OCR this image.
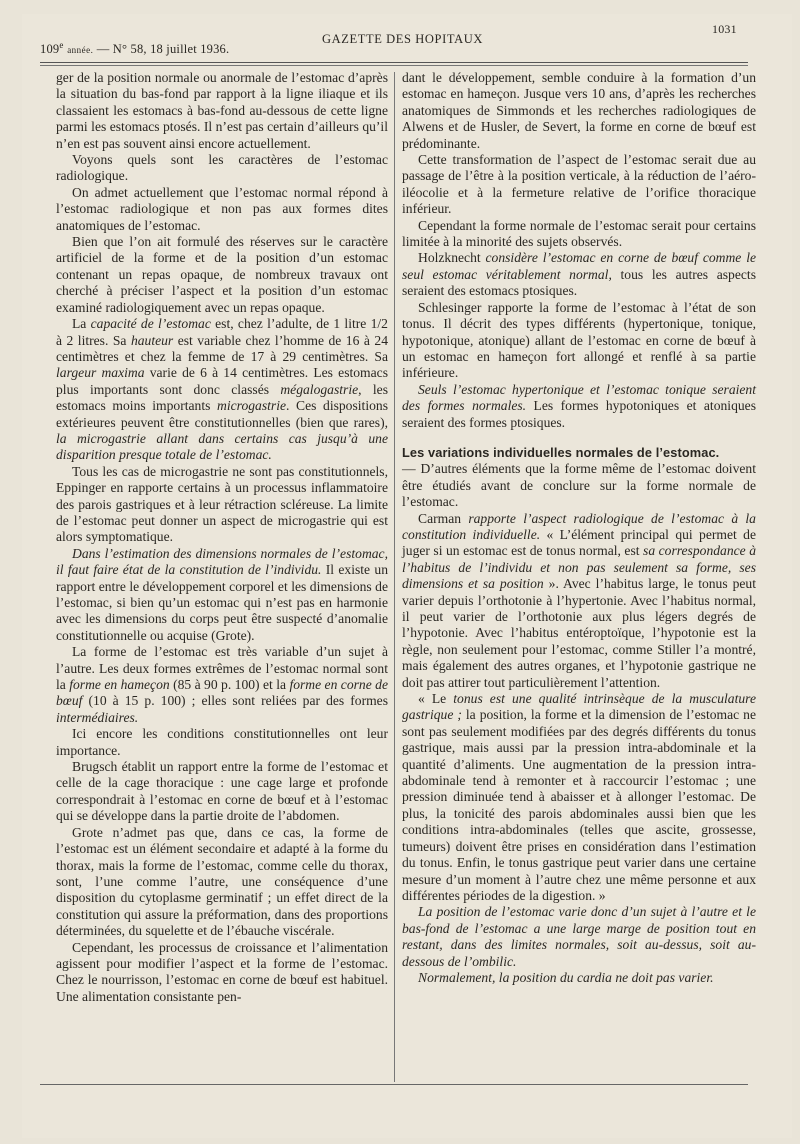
109e année. — N° 58, 18 juillet 1936.
GAZETTE DES HOPITAUX
1031

ger de la position normale ou anormale de l’estomac d’après la situation du bas-fond par rapport à la ligne iliaque et ils classaient les estomacs à bas-fond au-dessous de cette ligne parmi les estomacs ptosés. Il n’est pas certain d’ailleurs qu’il n’en est pas souvent ainsi encore actuellement.

Voyons quels sont les caractères de l’estomac radiologique.

On admet actuellement que l’estomac normal répond à l’estomac radiologique et non pas aux formes dites anatomiques de l’estomac.

Bien que l’on ait formulé des réserves sur le caractère artificiel de la forme et de la position d’un estomac contenant un repas opaque, de nombreux travaux ont cherché à préciser l’aspect et la position d’un estomac examiné radiologiquement avec un repas opaque.

La capacité de l’estomac est, chez l’adulte, de 1 litre 1/2 à 2 litres. Sa hauteur est variable chez l’homme de 16 à 24 centimètres et chez la femme de 17 à 29 centimètres. Sa largeur maxima varie de 6 à 14 centimètres. Les estomacs plus importants sont donc classés mégalogastrie, les estomacs moins importants microgastrie. Ces dispositions extérieures peuvent être constitutionnelles (bien que rares), la microgastrie allant dans certains cas jusqu’à une disparition presque totale de l’estomac.

Tous les cas de microgastrie ne sont pas constitutionnels, Eppinger en rapporte certains à un processus inflammatoire des parois gastriques et à leur rétraction scléreuse. La limite de l’estomac peut donner un aspect de microgastrie qui est alors symptomatique.

Dans l’estimation des dimensions normales de l’estomac, il faut faire état de la constitution de l’individu. Il existe un rapport entre le développement corporel et les dimensions de l’estomac, si bien qu’un estomac qui n’est pas en harmonie avec les dimensions du corps peut être suspecté d’anomalie constitutionnelle ou acquise (Grote).

La forme de l’estomac est très variable d’un sujet à l’autre. Les deux formes extrêmes de l’estomac normal sont la forme en hameçon (85 à 90 p. 100) et la forme en corne de bœuf (10 à 15 p. 100) ; elles sont reliées par des formes intermédiaires.

Ici encore les conditions constitutionnelles ont leur importance.

Brugsch établit un rapport entre la forme de l’estomac et celle de la cage thoracique : une cage large et profonde correspondrait à l’estomac en corne de bœuf et à l’estomac qui se développe dans la partie droite de l’abdomen.

Grote n’admet pas que, dans ce cas, la forme de l’estomac est un élément secondaire et adapté à la forme du thorax, mais la forme de l’estomac, comme celle du thorax, sont, l’une comme l’autre, une conséquence d’une disposition du cytoplasme germinatif ; un effet direct de la constitution qui assure la préformation, dans des proportions déterminées, du squelette et de l’ébauche viscérale.

Cependant, les processus de croissance et l’alimentation agissent pour modifier l’aspect et la forme de l’estomac. Chez le nourrisson, l’estomac en corne de bœuf est habituel. Une alimentation consistante pen-

dant le développement, semble conduire à la formation d’un estomac en hameçon. Jusque vers 10 ans, d’après les recherches anatomiques de Simmonds et les recherches radiologiques de Alwens et de Husler, de Severt, la forme en corne de bœuf est prédominante.

Cette transformation de l’aspect de l’estomac serait due au passage de l’être à la position verticale, à la réduction de l’aéro-iléocolie et à la fermeture relative de l’orifice thoracique inférieur.

Cependant la forme normale de l’estomac serait pour certains limitée à la minorité des sujets observés.

Holzknecht considère l’estomac en corne de bœuf comme le seul estomac véritablement normal, tous les autres aspects seraient des estomacs ptosiques.

Schlesinger rapporte la forme de l’estomac à l’état de son tonus. Il décrit des types différents (hypertonique, tonique, hypotonique, atonique) allant de l’estomac en corne de bœuf à un estomac en hameçon fort allongé et renflé à sa partie inférieure.

Seuls l’estomac hypertonique et l’estomac tonique seraient des formes normales. Les formes hypotoniques et atoniques seraient des formes ptosiques.

Les variations individuelles normales de l’estomac.

— D’autres éléments que la forme même de l’estomac doivent être étudiés avant de conclure sur la forme normale de l’estomac.

Carman rapporte l’aspect radiologique de l’estomac à la constitution individuelle. « L’élément principal qui permet de juger si un estomac est de tonus normal, est sa correspondance à l’habitus de l’individu et non pas seulement sa forme, ses dimensions et sa position ». Avec l’habitus large, le tonus peut varier depuis l’orthotonie à l’hypertonie. Avec l’habitus normal, il peut varier de l’orthotonie aux plus légers degrés de l’hypotonie. Avec l’habitus entéroptoïque, l’hypotonie est la règle, non seulement pour l’estomac, comme Stiller l’a montré, mais également des autres organes, et l’hypotonie gastrique ne doit pas attirer tout particulièrement l’attention.

« Le tonus est une qualité intrinsèque de la musculature gastrique ; la position, la forme et la dimension de l’estomac ne sont pas seulement modifiées par des degrés différents du tonus gastrique, mais aussi par la pression intra-abdominale et la quantité d’aliments. Une augmentation de la pression intra-abdominale tend à remonter et à raccourcir l’estomac ; une pression diminuée tend à abaisser et à allonger l’estomac. De plus, la tonicité des parois abdominales aussi bien que les conditions intra-abdominales (telles que ascite, grossesse, tumeurs) doivent être prises en considération dans l’estimation du tonus. Enfin, le tonus gastrique peut varier dans une certaine mesure d’un moment à l’autre chez une même personne et aux différentes périodes de la digestion. »

La position de l’estomac varie donc d’un sujet à l’autre et le bas-fond de l’estomac a une large marge de position tout en restant, dans des limites normales, soit au-dessus, soit au-dessous de l’ombilic.

Normalement, la position du cardia ne doit pas varier.
